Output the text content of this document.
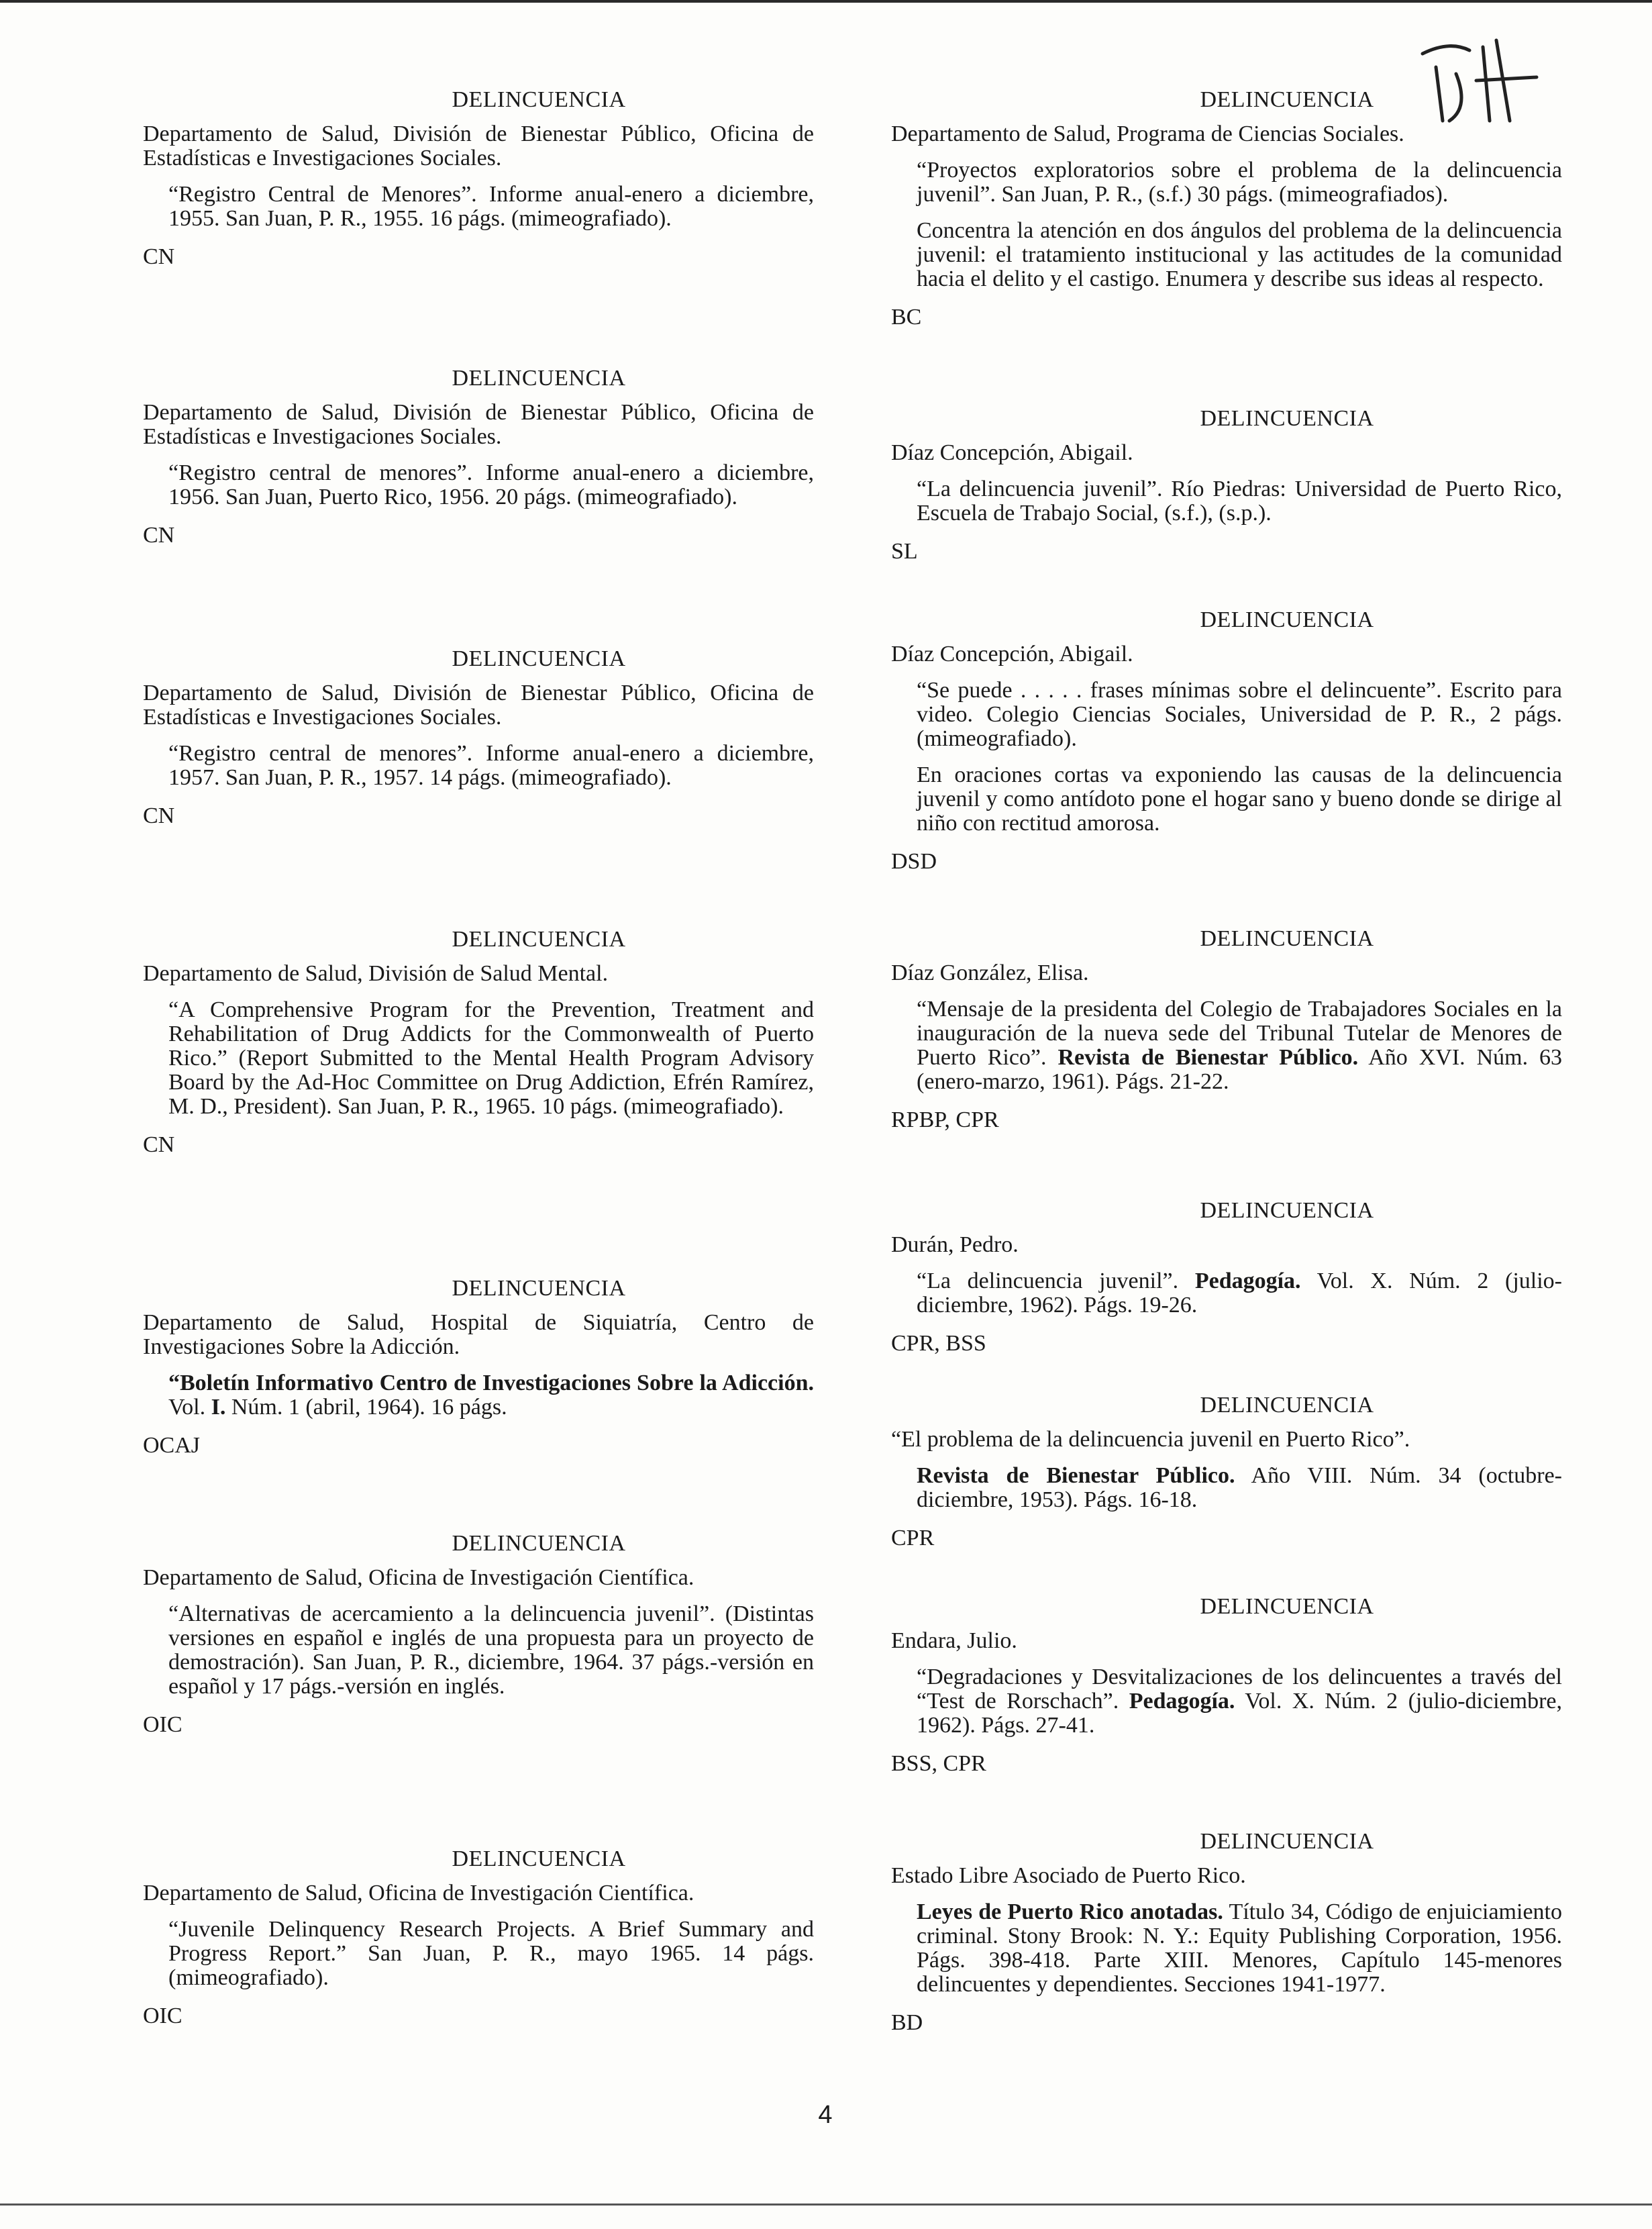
DELINCUENCIA
Departamento de Salud, División de Bienestar Público, Oficina de Estadísticas e Investigaciones Sociales.
“Registro Central de Menores”. Informe anual-enero a diciembre, 1955. San Juan, P. R., 1955. 16 págs. (mimeografiado).
CN
DELINCUENCIA
Departamento de Salud, División de Bienestar Público, Oficina de Estadísticas e Investigaciones Sociales.
“Registro central de menores”. Informe anual-enero a diciembre, 1956. San Juan, Puerto Rico, 1956. 20 págs. (mimeografiado).
CN
DELINCUENCIA
Departamento de Salud, División de Bienestar Público, Oficina de Estadísticas e Investigaciones Sociales.
“Registro central de menores”. Informe anual-enero a diciembre, 1957. San Juan, P. R., 1957. 14 págs. (mimeografiado).
CN
DELINCUENCIA
Departamento de Salud, División de Salud Mental.
“A Comprehensive Program for the Prevention, Treatment and Rehabilitation of Drug Addicts for the Commonwealth of Puerto Rico.” (Report Submitted to the Mental Health Program Advisory Board by the Ad-Hoc Committee on Drug Addiction, Efrén Ramírez, M. D., President). San Juan, P. R., 1965. 10 págs. (mimeografiado).
CN
DELINCUENCIA
Departamento de Salud, Hospital de Siquiatría, Centro de Investigaciones Sobre la Adicción.
“Boletín Informativo Centro de Investigaciones Sobre la Adicción. Vol. I. Núm. 1 (abril, 1964). 16 págs.
OCAJ
DELINCUENCIA
Departamento de Salud, Oficina de Investigación Científica.
“Alternativas de acercamiento a la delincuencia juvenil”. (Distintas versiones en español e inglés de una propuesta para un proyecto de demostración). San Juan, P. R., diciembre, 1964. 37 págs.-versión en español y 17 págs.-versión en inglés.
OIC
DELINCUENCIA
Departamento de Salud, Oficina de Investigación Científica.
“Juvenile Delinquency Research Projects. A Brief Summary and Progress Report.” San Juan, P. R., mayo 1965. 14 págs. (mimeografiado).
OIC
DELINCUENCIA
Departamento de Salud, Programa de Ciencias Sociales.
“Proyectos exploratorios sobre el problema de la delincuencia juvenil”. San Juan, P. R., (s.f.) 30 págs. (mimeografiados).
Concentra la atención en dos ángulos del problema de la delincuencia juvenil: el tratamiento institucional y las actitudes de la comunidad hacia el delito y el castigo. Enumera y describe sus ideas al respecto.
BC
DELINCUENCIA
Díaz Concepción, Abigail.
“La delincuencia juvenil”. Río Piedras: Universidad de Puerto Rico, Escuela de Trabajo Social, (s.f.), (s.p.).
SL
DELINCUENCIA
Díaz Concepción, Abigail.
“Se puede . . . . . frases mínimas sobre el delincuente”. Escrito para video. Colegio Ciencias Sociales, Universidad de P. R., 2 págs. (mimeografiado).
En oraciones cortas va exponiendo las causas de la delincuencia juvenil y como antídoto pone el hogar sano y bueno donde se dirige al niño con rectitud amorosa.
DSD
DELINCUENCIA
Díaz González, Elisa.
“Mensaje de la presidenta del Colegio de Trabajadores Sociales en la inauguración de la nueva sede del Tribunal Tutelar de Menores de Puerto Rico”. Revista de Bienestar Público. Año XVI. Núm. 63 (enero-marzo, 1961). Págs. 21-22.
RPBP, CPR
DELINCUENCIA
Durán, Pedro.
“La delincuencia juvenil”. Pedagogía. Vol. X. Núm. 2 (julio-diciembre, 1962). Págs. 19-26.
CPR, BSS
DELINCUENCIA
“El problema de la delincuencia juvenil en Puerto Rico”.
Revista de Bienestar Público. Año VIII. Núm. 34 (octubre-diciembre, 1953). Págs. 16-18.
CPR
DELINCUENCIA
Endara, Julio.
“Degradaciones y Desvitalizaciones de los delincuentes a través del “Test de Rorschach”. Pedagogía. Vol. X. Núm. 2 (julio-diciembre, 1962). Págs. 27-41.
BSS, CPR
DELINCUENCIA
Estado Libre Asociado de Puerto Rico.
Leyes de Puerto Rico anotadas. Título 34, Código de enjuiciamiento criminal. Stony Brook: N. Y.: Equity Publishing Corporation, 1956. Págs. 398-418. Parte XIII. Menores, Capítulo 145-menores delincuentes y dependientes. Secciones 1941-1977.
BD
4
